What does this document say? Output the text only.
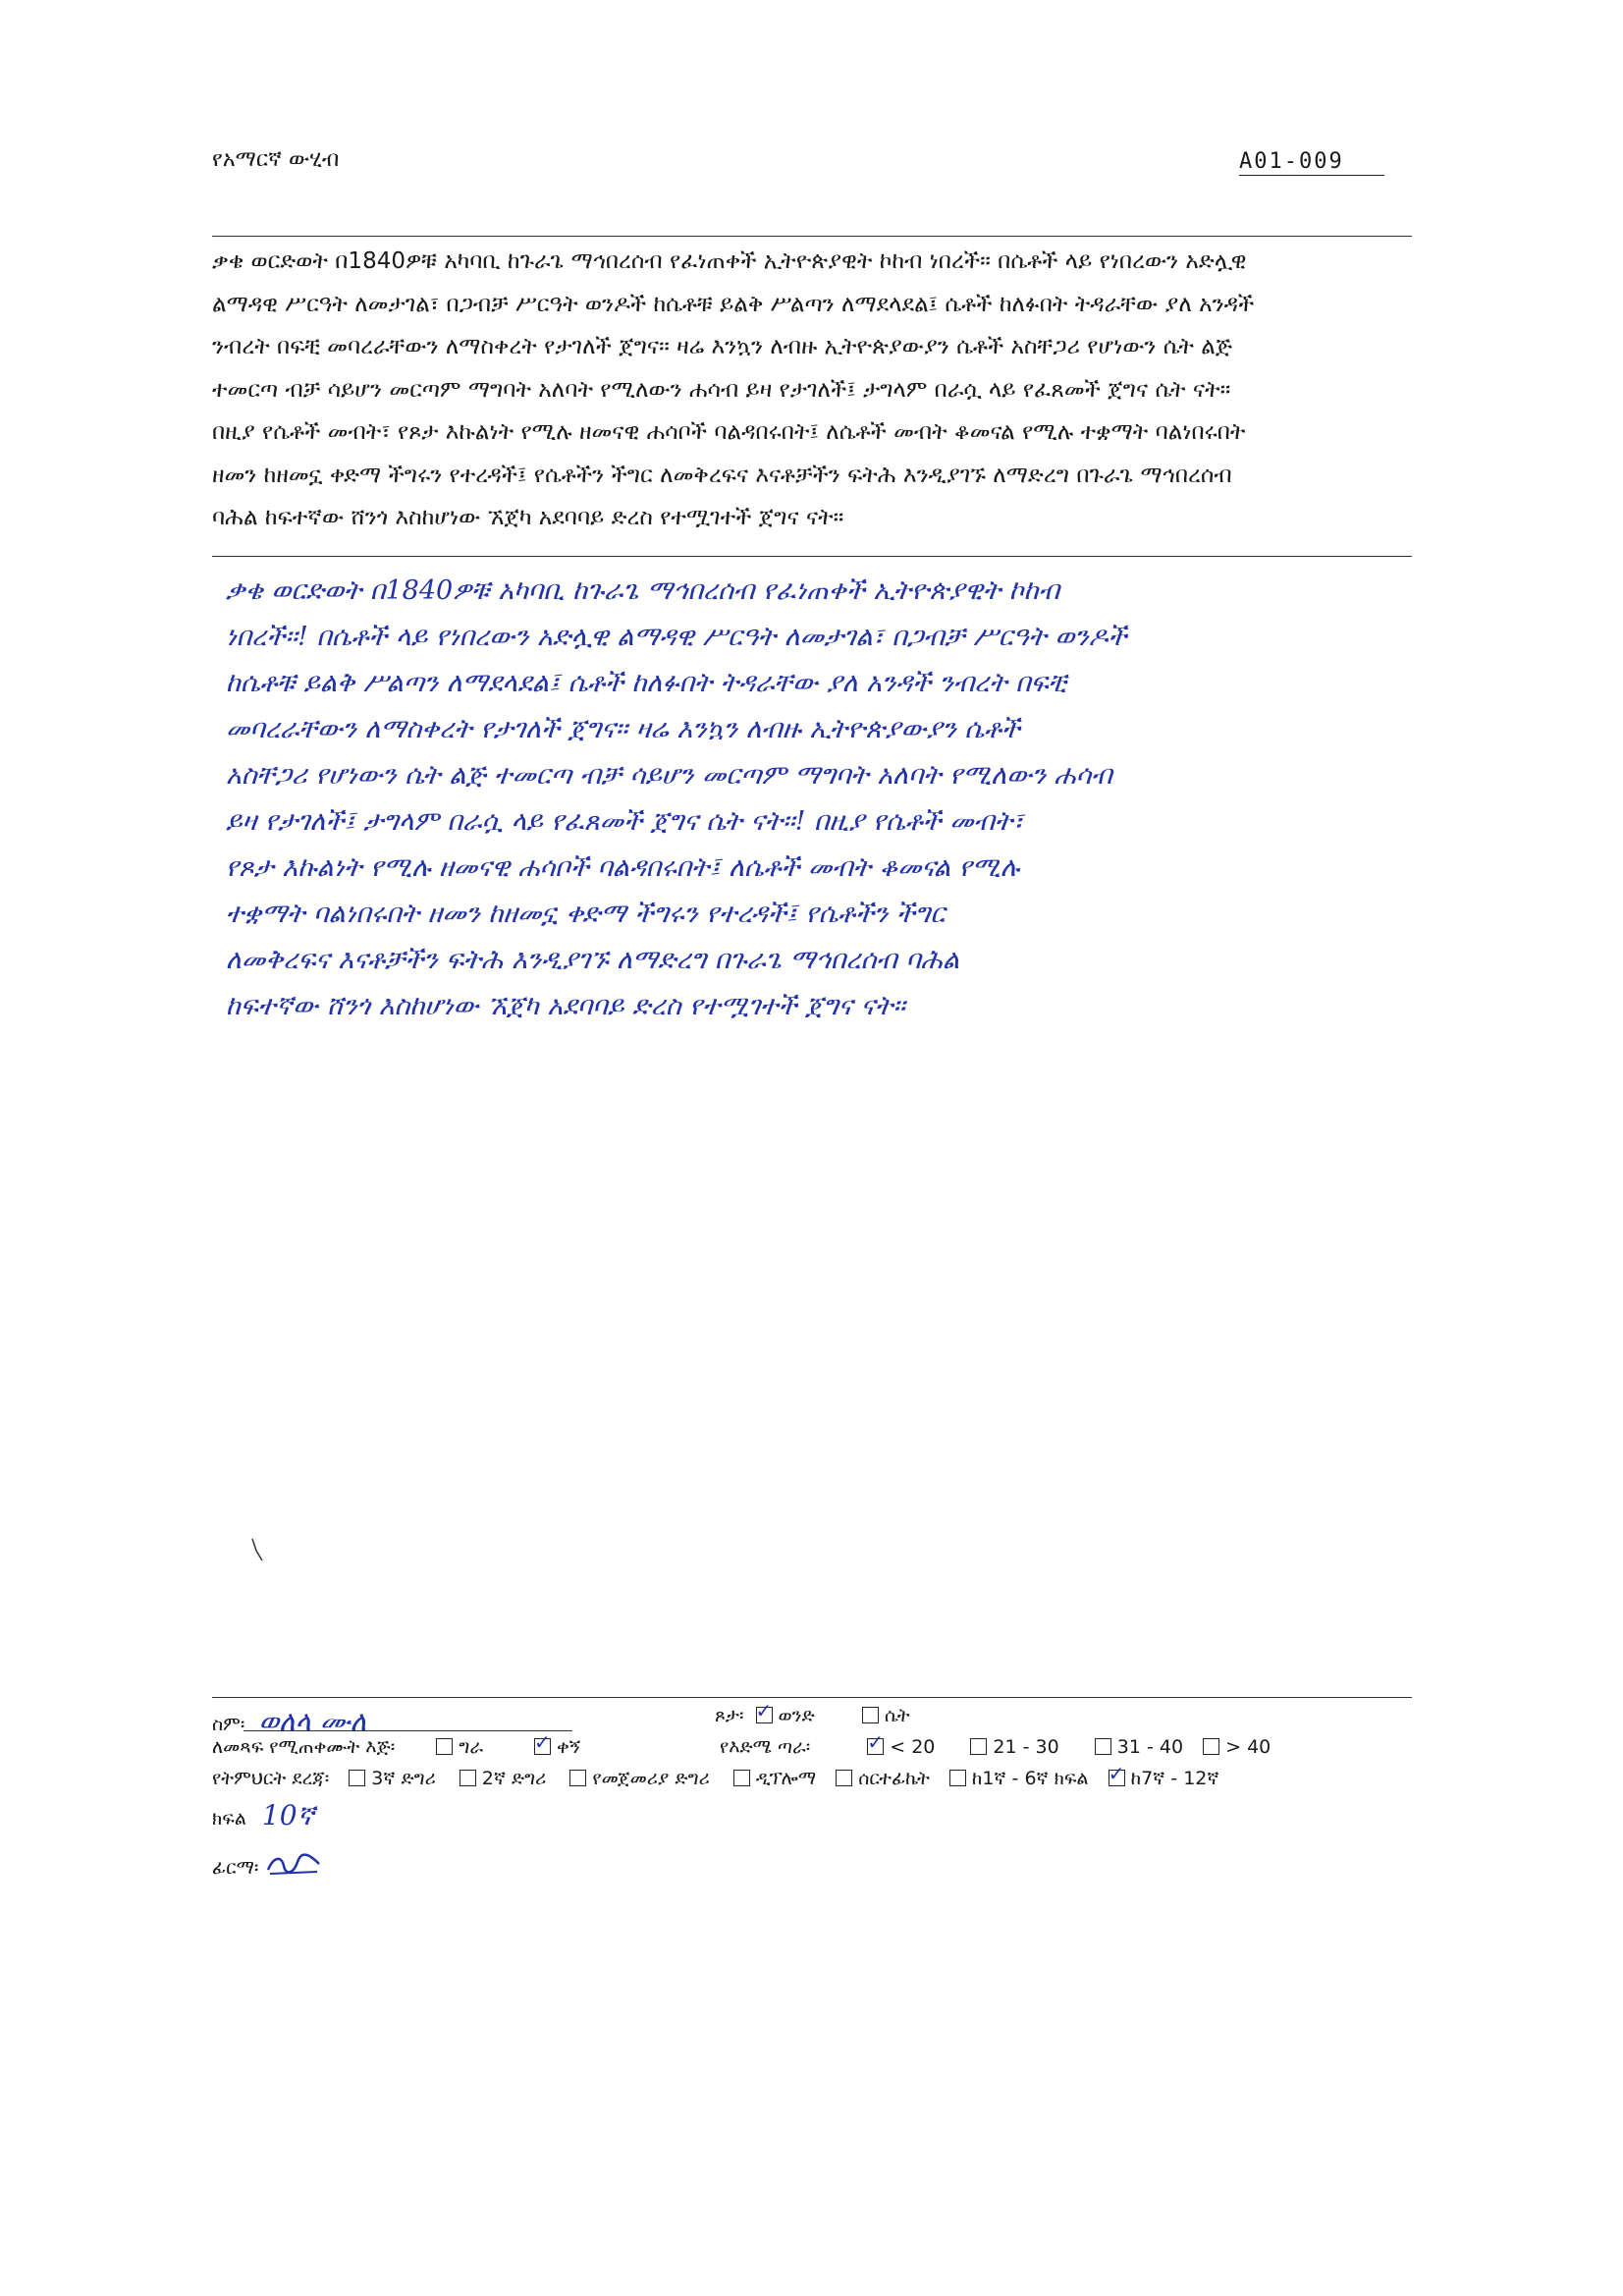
የአማርኛ ውሂብ	A01-009

ቃቄ ወርድወት በ1840ዎቹ አካባቢ ከጉራጌ ማኅበረሰብ የፈነጠቀች ኢትዮጵያዊት ኮከብ ነበረች። በሴቶች ላይ የነበረውን አድሏዊ

ልማዳዊ ሥርዓት ለመታገል፣ በጋብቻ ሥርዓት ወንዶች ከሴቶቹ ይልቅ ሥልጣን ለማደላደል፤ ሴቶች ከለፉበት ትዳራቸው ያለ አንዳች

ንብረት በፍቺ መባረራቸውን ለማስቀረት የታገለች ጀግና። ዛሬ እንኳን ለብዙ ኢትዮጵያውያን ሴቶች አስቸጋሪ የሆነውን ሴት ልጅ

ተመርጣ ብቻ ሳይሆን መርጣም ማግባት አለባት የሚለውን ሐሳብ ይዛ የታገለች፤ ታግላም በራሷ ላይ የፈጸመች ጀግና ሴት ናት።

በዚያ የሴቶች መብት፣ የጾታ እኩልነት የሚሉ ዘመናዊ ሐሳቦች ባልዳበሩበት፤ ለሴቶች መብት ቆመናል የሚሉ ተቋማት ባልነበሩበት

ዘመን ከዘመኗ ቀድማ ችግሩን የተረዳች፤ የሴቶችን ችግር ለመቅረፍና እናቶቻችን ፍትሕ እንዲያገኙ ለማድረግ በጉራጌ ማኅበረሰብ

ባሕል ከፍተኛው ሸንጎ እስከሆነው ኧጀካ አደባባይ ድረስ የተሟገተች ጀግና ናት።

ቃቄ ወርድወት በ1840ዎቹ አካባቢ ከጉራጌ ማኅበረሰብ የፈነጠቀች ኢትዮጵያዊት ኮከብ

ነበረች።! በሴቶች ላይ የነበረውን አድሏዊ ልማዳዊ ሥርዓት ለመታገል፣ በጋብቻ ሥርዓት ወንዶች

ከሴቶቹ ይልቅ ሥልጣን ለማደላደል፤ ሴቶች ከለፉበት ትዳራቸው ያለ አንዳች ንብረት በፍቺ

መባረራቸውን ለማስቀረት የታገለች ጀግና። ዛሬ እንኳን ለብዙ ኢትዮጵያውያን ሴቶች

አስቸጋሪ የሆነውን ሴት ልጅ ተመርጣ ብቻ ሳይሆን መርጣም ማግባት አለባት የሚለውን ሐሳብ

ይዛ የታገለች፤ ታግላም በራሷ ላይ የፈጸመች ጀግና ሴት ናት።! በዚያ የሴቶች መብት፣

የጾታ እኩልነት የሚሉ ዘመናዊ ሐሳቦች ባልዳበሩበት፤ ለሴቶች መብት ቆመናል የሚሉ

ተቋማት ባልነበሩበት ዘመን ከዘመኗ ቀድማ ችግሩን የተረዳች፤ የሴቶችን ችግር

ለመቅረፍና እናቶቻችን ፍትሕ እንዲያገኙ ለማድረግ በጉራጌ ማኅበረሰብ ባሕል

ከፍተኛው ሸንጎ እስከሆነው ኧጀካ አደባባይ ድረስ የተሟገተች ጀግና ናት።

ስም፡ ወለላ ሙለ	ጾታ፡ ✓ ወንድ	ሴት
ለመጻፍ የሚጠቀሙት እጅ፡	ግራ ✓	ቀኝ	የእድሜ ጣራ፡ ✓	< 20	21 - 30	31 - 40 > 40
የትምህርት ደረጃ፡ 3ኛ ድግሪ 2ኛ ድግሪ የመጀመሪያ ድግሪ ዲፕሎማ ሰርተፊኬት ከ1ኛ - 6ኛ ክፍል ✓ ከ7ኛ - 12ኛ
ክፍል 10ኛ
ፊርማ፡
